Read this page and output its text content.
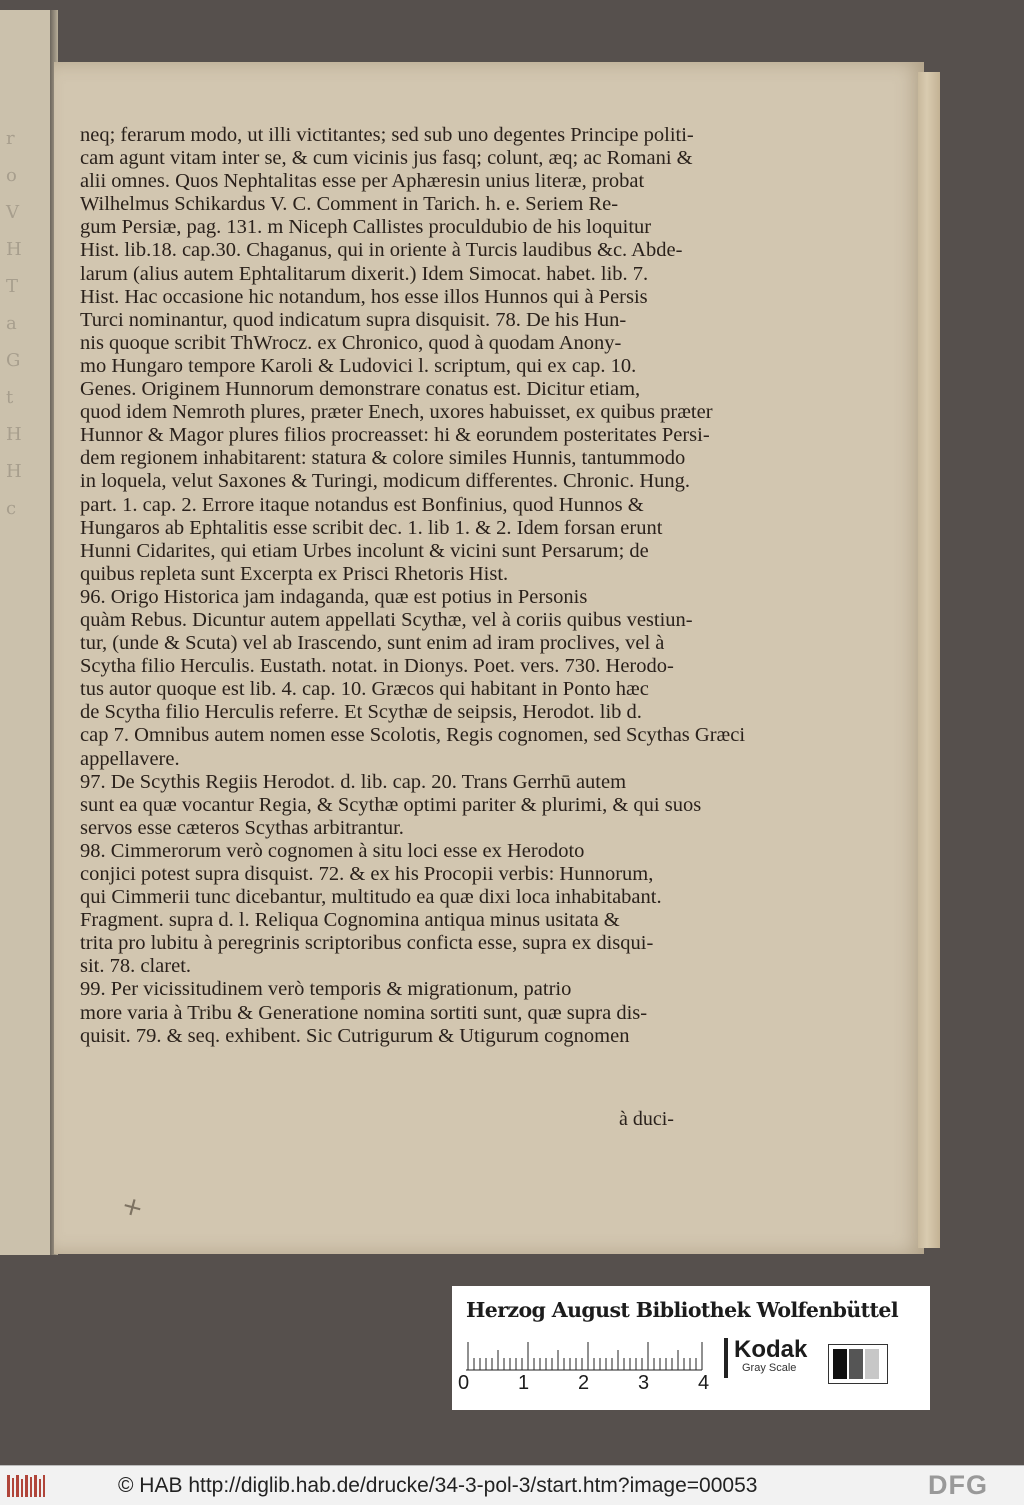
r
o
V
H
T
a
G
t
H
H
c
neq; ferarum modo, ut illi victitantes; sed sub uno degentes Principe politi-
cam agunt vitam inter se, & cum vicinis jus fasq; colunt, æq; ac Romani &
alii omnes. Quos Nephtalitas esse per Aphæresin unius literæ, probat
Wilhelmus Schikardus V. C. Comment in Tarich. h. e. Seriem Re-
gum Persiæ, pag. 131. m Niceph Callistes proculdubio de his loquitur
Hist. lib.18. cap.30. Chaganus, qui in oriente à Turcis laudibus &c. Abde-
larum (alius autem Ephtalitarum dixerit.) Idem Simocat. habet. lib. 7.
Hist. Hac occasione hic notandum, hos esse illos Hunnos qui à Persis
Turci nominantur, quod indicatum supra disquisit. 78. De his Hun-
nis quoque scribit ThWrocz. ex Chronico, quod à quodam Anony-
mo Hungaro tempore Karoli & Ludovici l. scriptum, qui ex cap. 10.
Genes. Originem Hunnorum demonstrare conatus est. Dicitur etiam,
quod idem Nemroth plures, præter Enech, uxores habuisset, ex quibus præter
Hunnor & Magor plures filios procreasset: hi & eorundem posteritates Persi-
dem regionem inhabitarent: statura & colore similes Hunnis, tantummodo
in loquela, velut Saxones & Turingi, modicum differentes. Chronic. Hung.
part. 1. cap. 2. Errore itaque notandus est Bonfinius, quod Hunnos &
Hungaros ab Ephtalitis esse scribit dec. 1. lib 1. & 2. Idem forsan erunt
Hunni Cidarites, qui etiam Urbes incolunt & vicini sunt Persarum; de
quibus repleta sunt Excerpta ex Prisci Rhetoris Hist.
96. Origo Historica jam indaganda, quæ est potius in Personis
quàm Rebus. Dicuntur autem appellati Scythæ, vel à coriis quibus vestiun-
tur, (unde & Scuta) vel ab Irascendo, sunt enim ad iram proclives, vel à
Scytha filio Herculis. Eustath. notat. in Dionys. Poet. vers. 730. Herodo-
tus autor quoque est lib. 4. cap. 10. Græcos qui habitant in Ponto hæc
de Scytha filio Herculis referre. Et Scythæ de seipsis, Herodot. lib d.
cap 7. Omnibus autem nomen esse Scolotis, Regis cognomen, sed Scythas Græci
appellavere.
97. De Scythis Regiis Herodot. d. lib. cap. 20. Trans Gerrhū autem
sunt ea quæ vocantur Regia, & Scythæ optimi pariter & plurimi, & qui suos
servos esse cæteros Scythas arbitrantur.
98. Cimmerorum verò cognomen à situ loci esse ex Herodoto
conjici potest supra disquist. 72. & ex his Procopii verbis: Hunnorum,
qui Cimmerii tunc dicebantur, multitudo ea quæ dixi loca inhabitabant.
Fragment. supra d. l. Reliqua Cognomina antiqua minus usitata &
trita pro lubitu à peregrinis scriptoribus conficta esse, supra ex disqui-
sit. 78. claret.
99. Per vicissitudinem verò temporis & migrationum, patrio
more varia à Tribu & Generatione nomina sortiti sunt, quæ supra dis-
quisit. 79. & seq. exhibent. Sic Cutrigurum & Utigurum cognomen
à duci-
✕
Herzog August Bibliothek Wolfenbüttel
0 1 2 3 4
Kodak
Gray Scale
© HAB http://diglib.hab.de/drucke/34-3-pol-3/start.htm?image=00053	DFG
